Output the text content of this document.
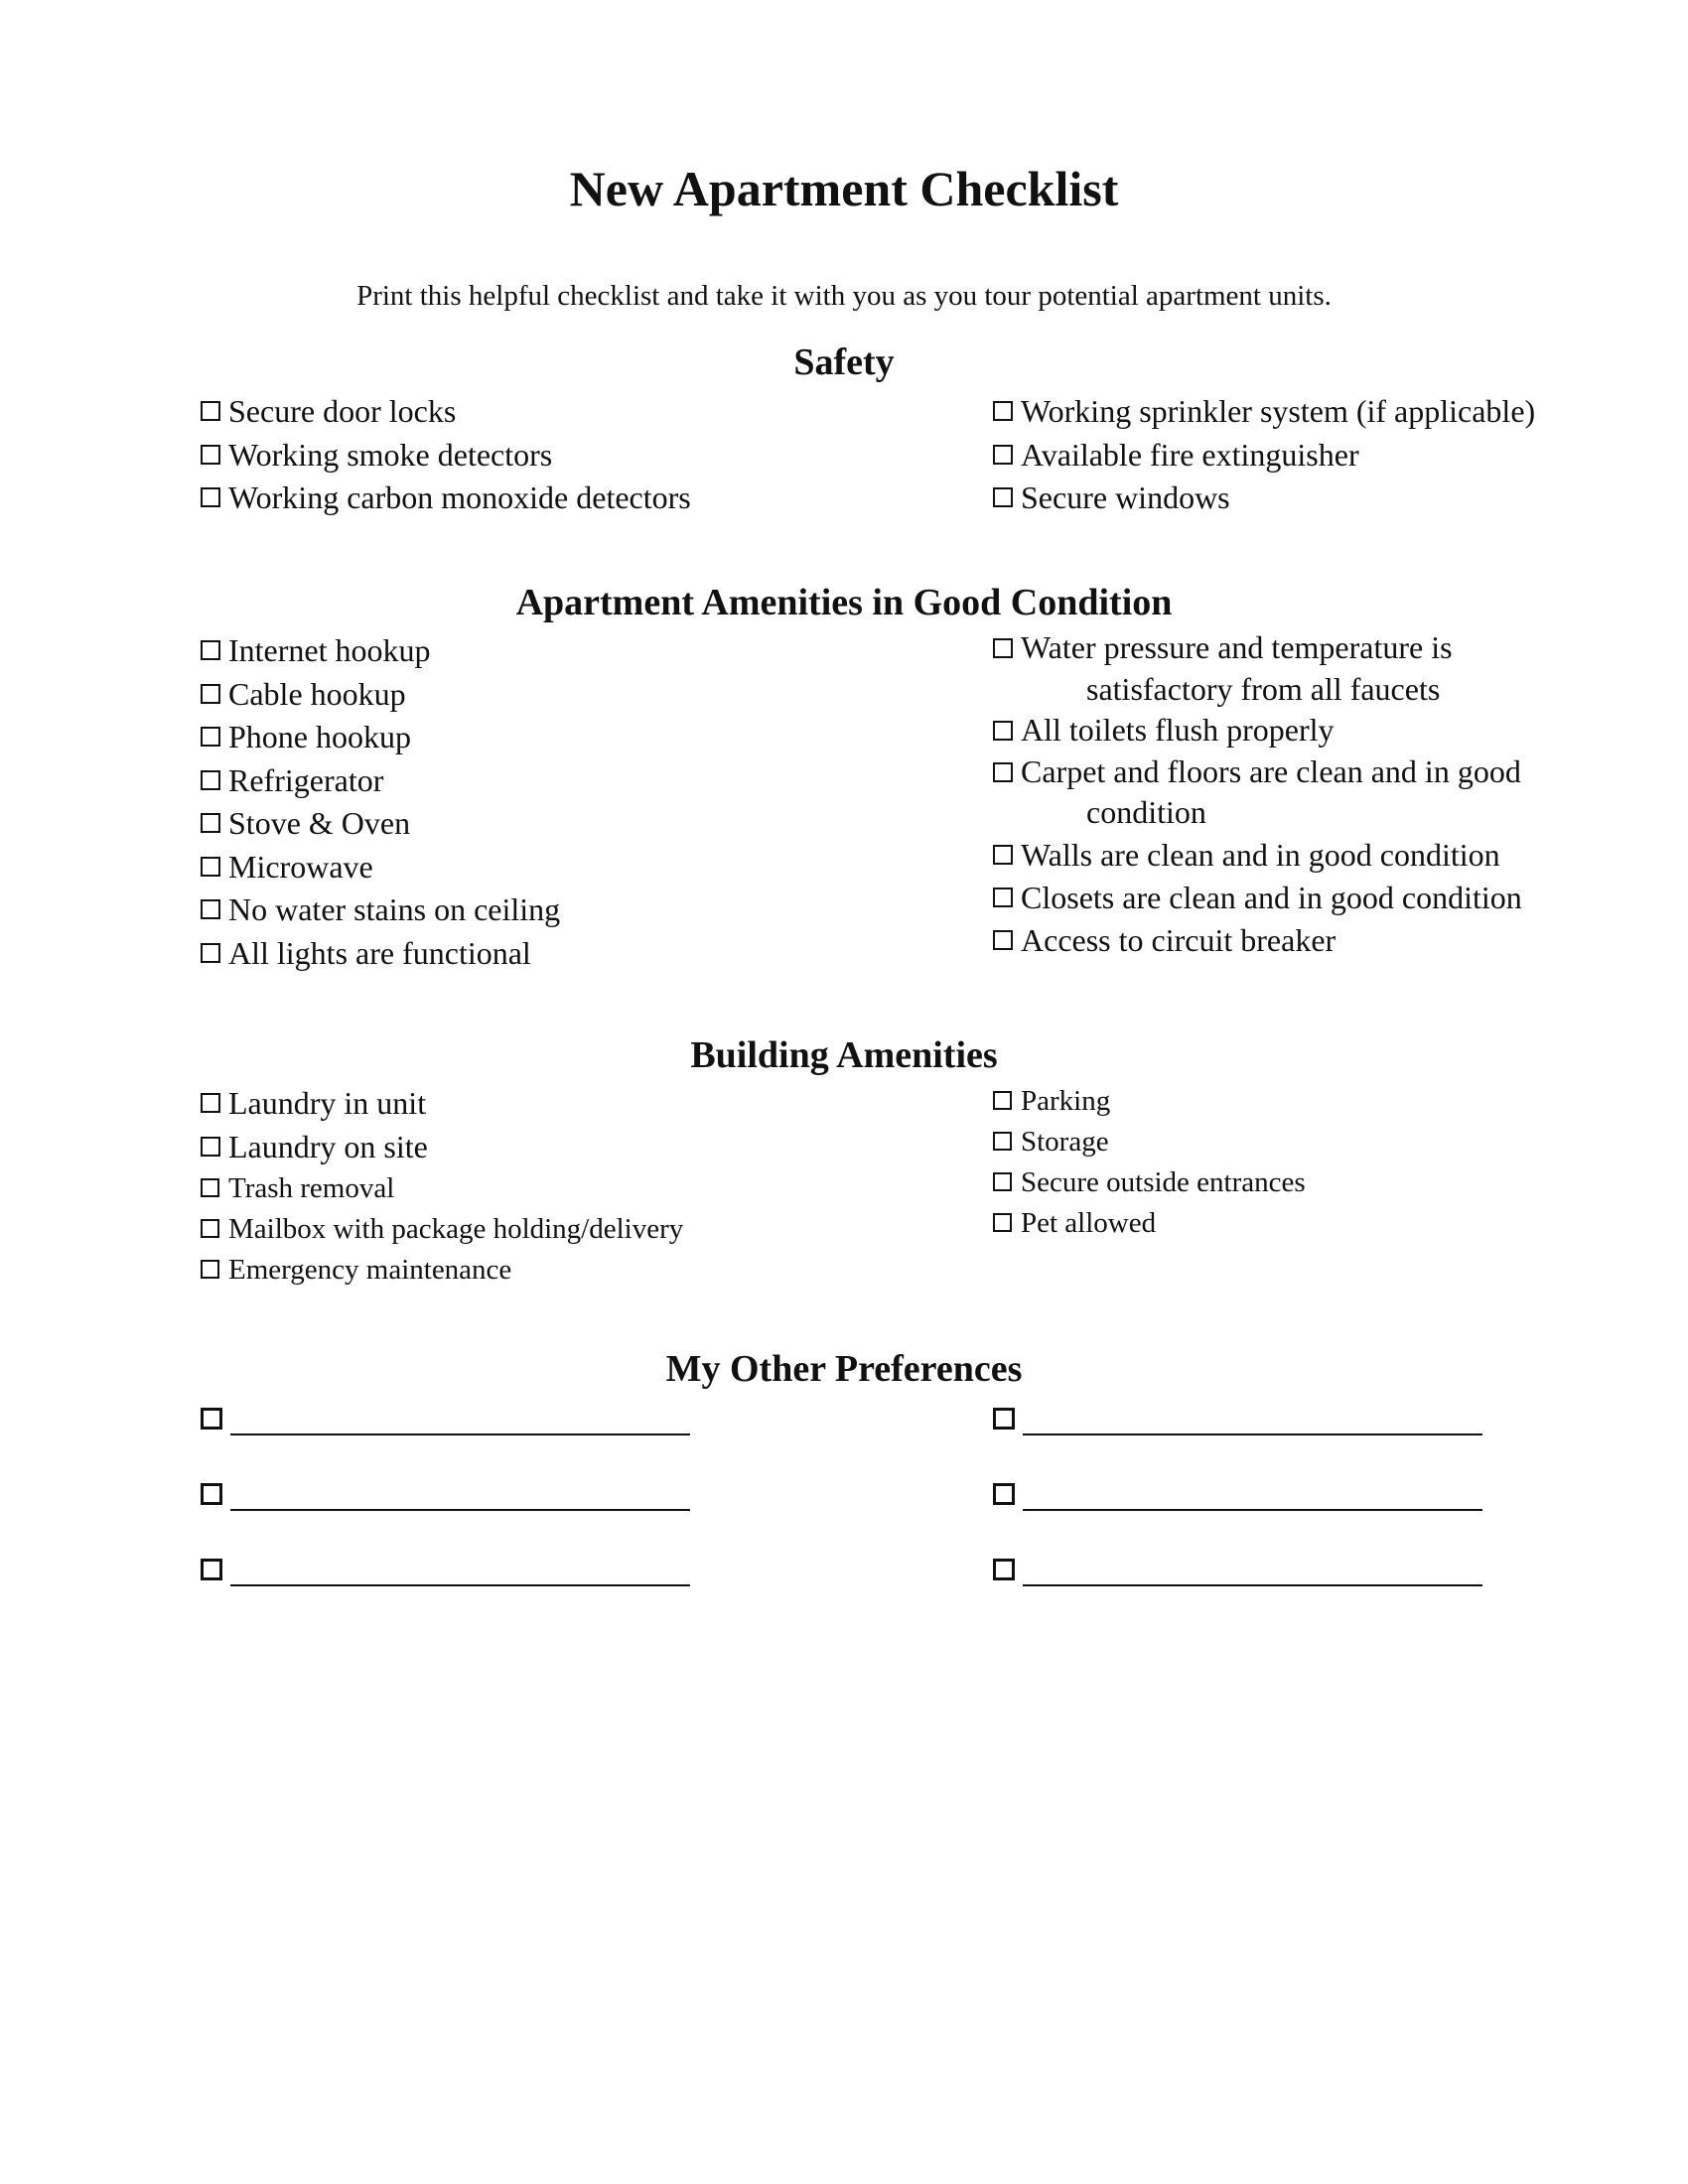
New Apartment Checklist
Print this helpful checklist and take it with you as you tour potential apartment units.
Safety
Secure door locks
Working smoke detectors
Working carbon monoxide detectors
Working sprinkler system (if applicable)
Available fire extinguisher
Secure windows
Apartment Amenities in Good Condition
Internet hookup
Cable hookup
Phone hookup
Refrigerator
Stove & Oven
Microwave
No water stains on ceiling
All lights are functional
Water pressure and temperature is
satisfactory from all faucets
All toilets flush properly
Carpet and floors are clean and in good
condition
Walls are clean and in good condition
Closets are clean and in good condition
Access to circuit breaker
Building Amenities
Laundry in unit
Laundry on site
Trash removal
Mailbox with package holding/delivery
Emergency maintenance
Parking
Storage
Secure outside entrances
Pet allowed
My Other Preferences
